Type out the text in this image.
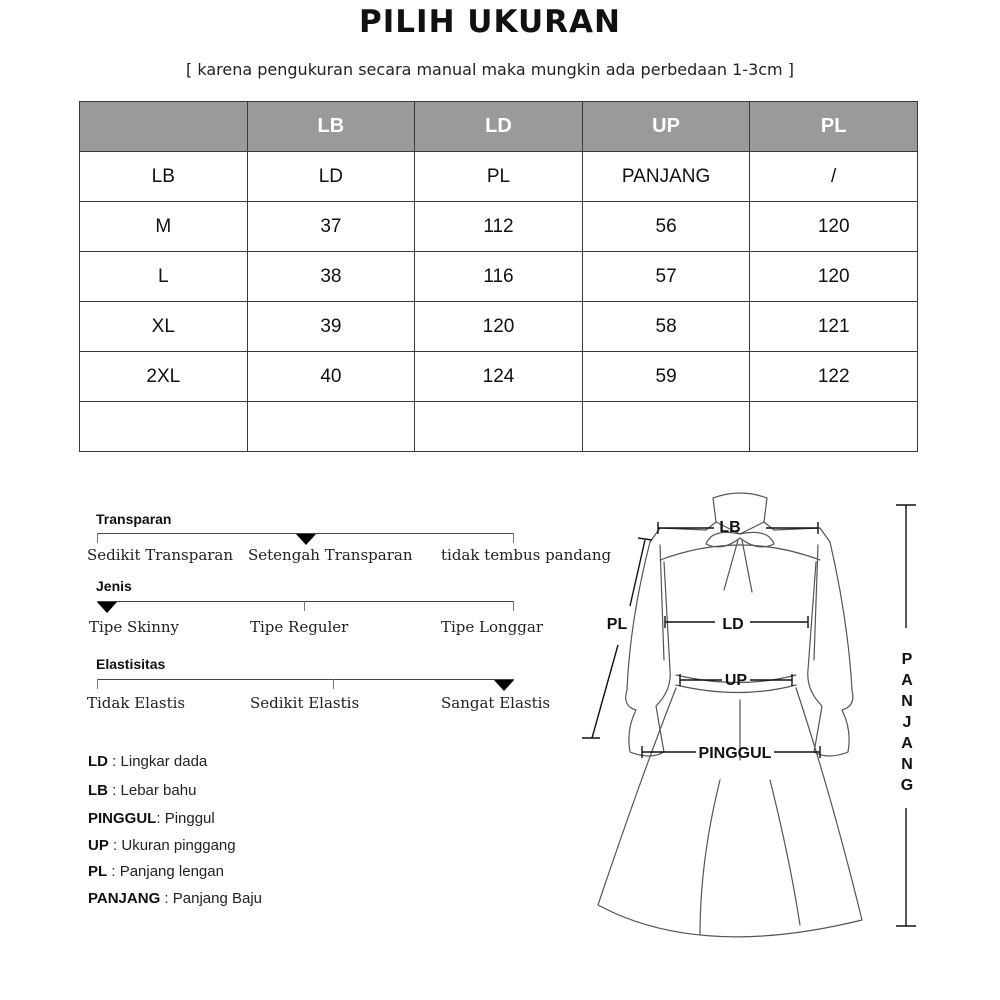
PILIH UKURAN
[ karena pengukuran secara manual maka mungkin ada perbedaan 1-3cm ]
	LB	LD	UP	PL
LB	LD	PL	PANJANG	/
M	37	112	56	120
L	38	116	57	120
XL	39	120	58	121
2XL	40	124	59	122

Transparan
Sedikit Transparan Setengah Transparan tidak tembus pandang
Jenis
Tipe Skinny	Tipe Reguler	Tipe Longgar
Elastisitas
Tidak Elastis	Sedikit Elastis	Sangat Elastis
LD : Lingkar dada
LB : Lebar bahu
PINGGUL: Pinggul
UP : Ukuran pinggang
PL : Panjang lengan
PANJANG : Panjang Baju
LB
PL	LD
UP
PINGGUL
P
A
N
J
A
N
G
